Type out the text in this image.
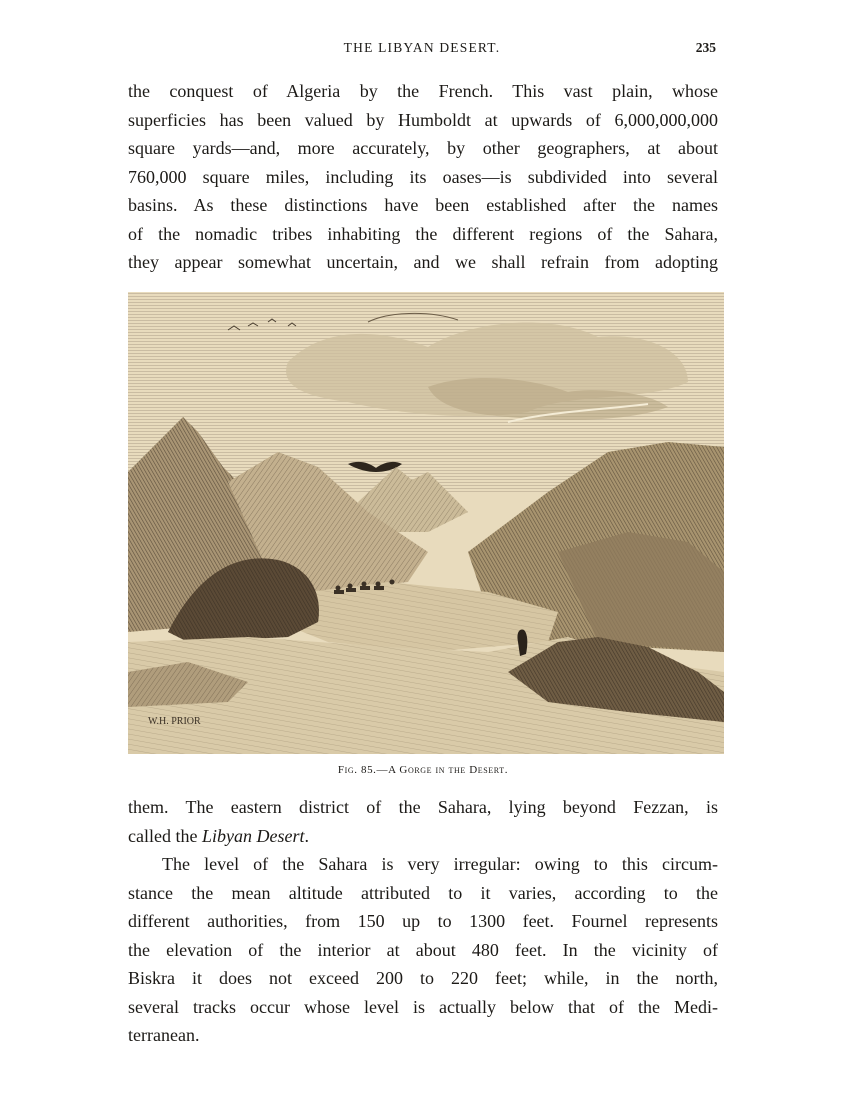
THE LIBYAN DESERT.	235

the conquest of Algeria by the French. This vast plain, whose
superficies has been valued by Humboldt at upwards of 6,000,000,000
square yards—and, more accurately, by other geographers, at about
760,000 square miles, including its oases—is subdivided into several
basins. As these distinctions have been established after the names
of the nomadic tribes inhabiting the different regions of the Sahara,
they appear somewhat uncertain, and we shall refrain from adopting

W.H. PRIOR
Fig. 85.—A Gorge in the Desert.

them. The eastern district of the Sahara, lying beyond Fezzan, is
called the Libyan Desert.

The level of the Sahara is very irregular: owing to this circum-
stance the mean altitude attributed to it varies, according to the
different authorities, from 150 up to 1300 feet. Fournel represents
the elevation of the interior at about 480 feet. In the vicinity of
Biskra it does not exceed 200 to 220 feet; while, in the north,
several tracks occur whose level is actually below that of the Medi-
terranean.
